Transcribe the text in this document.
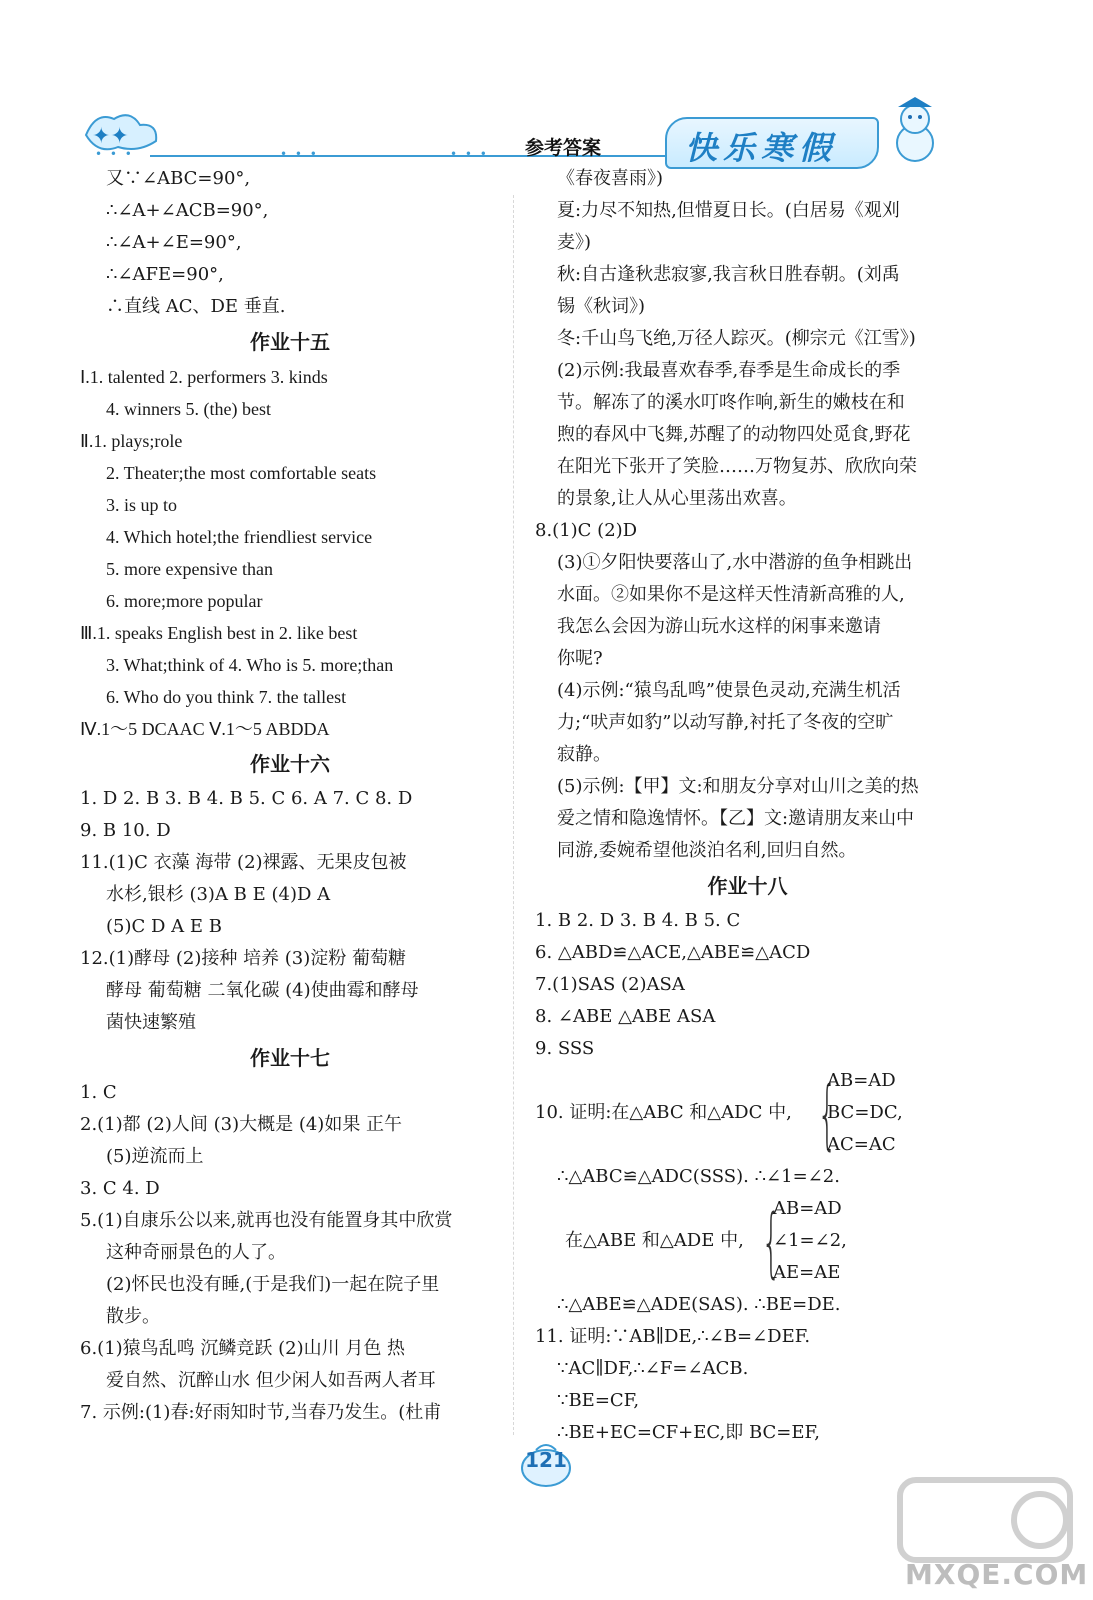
✦✦
• • •	• • •	• • • 参考答案	快乐寒假
又∵∠ABC=90°,
∴∠A+∠ACB=90°,
∴∠A+∠E=90°,
∴∠AFE=90°,
∴直线 AC、DE 垂直.
作业十五
Ⅰ.1. talented 2. performers 3. kinds
4. winners 5. (the) best
Ⅱ.1. plays;role
2. Theater;the most comfortable seats
3. is up to
4. Which hotel;the friendliest service
5. more expensive than
6. more;more popular
Ⅲ.1. speaks English best in 2. like best
3. What;think of 4. Who is 5. more;than
6. Who do you think 7. the tallest
Ⅳ.1～5 DCAAC Ⅴ.1～5 ABDDA
作业十六
1. D 2. B 3. B 4. B 5. C 6. A 7. C 8. D
9. B 10. D
11.(1)C 衣藻 海带 (2)裸露、无果皮包被
水杉,银杉 (3)A B E (4)D A
(5)C D A E B
12.(1)酵母 (2)接种 培养 (3)淀粉 葡萄糖
酵母 葡萄糖 二氧化碳 (4)使曲霉和酵母
菌快速繁殖
作业十七
1. C
2.(1)都 (2)人间 (3)大概是 (4)如果 正午
(5)逆流而上
3. C 4. D
5.(1)自康乐公以来,就再也没有能置身其中欣赏
这种奇丽景色的人了。
(2)怀民也没有睡,(于是我们)一起在院子里
散步。
6.(1)猿鸟乱鸣 沉鳞竞跃 (2)山川 月色 热
爱自然、沉醉山水 但少闲人如吾两人者耳
7. 示例:(1)春:好雨知时节,当春乃发生。(杜甫
《春夜喜雨》)
夏:力尽不知热,但惜夏日长。(白居易《观刈
麦》)
秋:自古逢秋悲寂寥,我言秋日胜春朝。(刘禹
锡《秋词》)
冬:千山鸟飞绝,万径人踪灭。(柳宗元《江雪》)
(2)示例:我最喜欢春季,春季是生命成长的季
节。解冻了的溪水叮咚作响,新生的嫩枝在和
煦的春风中飞舞,苏醒了的动物四处觅食,野花
在阳光下张开了笑脸……万物复苏、欣欣向荣
的景象,让人从心里荡出欢喜。
8.(1)C (2)D
(3)①夕阳快要落山了,水中潜游的鱼争相跳出
水面。②如果你不是这样天性清新高雅的人,
我怎么会因为游山玩水这样的闲事来邀请
你呢?
(4)示例:“猿鸟乱鸣”使景色灵动,充满生机活
力;“吠声如豹”以动写静,衬托了冬夜的空旷
寂静。
(5)示例:【甲】文:和朋友分享对山川之美的热
爱之情和隐逸情怀。【乙】文:邀请朋友来山中
同游,委婉希望他淡泊名利,回归自然。
作业十八
1. B 2. D 3. B 4. B 5. C
6. △ABD≌△ACE,△ABE≌△ACD
7.(1)SAS (2)ASA
8. ∠ABE △ABE ASA
9. SSS
10. 证明:在△ABC 和△ADC 中, {
AB=AD
BC=DC,
AC=AC
∴△ABC≌△ADC(SSS). ∴∠1=∠2.
在△ABE 和△ADE 中, {
AB=AD
∠1=∠2,
AE=AE
∴△ABE≌△ADE(SAS). ∴BE=DE.
11. 证明:∵AB∥DE,∴∠B=∠DEF.
∵AC∥DF,∴∠F=∠ACB.
∵BE=CF,
∴BE+EC=CF+EC,即 BC=EF,
121
MXQE.COM
